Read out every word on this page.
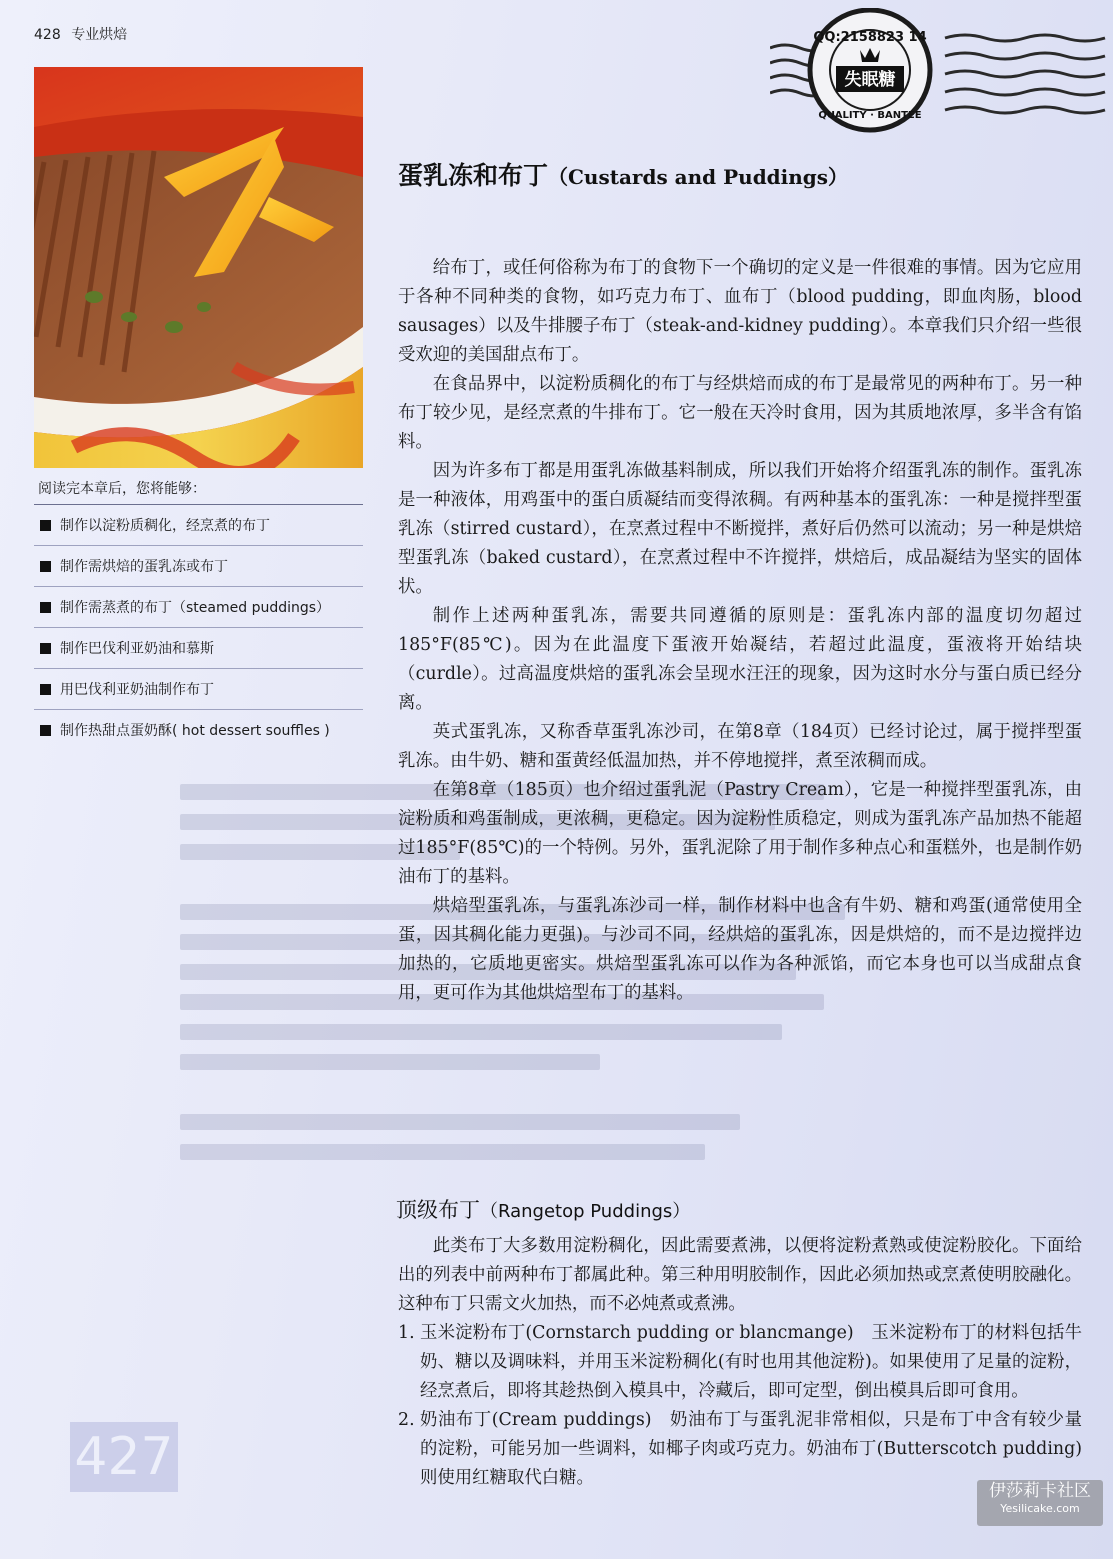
428 专业烘焙
427
阅读完本章后，您将能够：
制作以淀粉质稠化，经烹煮的布丁
制作需烘焙的蛋乳冻或布丁
制作需蒸煮的布丁（steamed puddings）
制作巴伐利亚奶油和慕斯
用巴伐利亚奶油制作布丁
制作热甜点蛋奶酥( hot dessert souffles )
QQ:2158823 14
失眠糖
QUALITY · BANTEE
蛋乳冻和布丁（Custards and Puddings）

给布丁，或任何俗称为布丁的食物下一个确切的定义是一件很难的事情。因为它应用于各种不同种类的食物，如巧克力布丁、血布丁（blood pudding，即血肉肠，blood sausages）以及牛排腰子布丁（steak-and-kidney pudding）。本章我们只介绍一些很受欢迎的美国甜点布丁。

在食品界中，以淀粉质稠化的布丁与经烘焙而成的布丁是最常见的两种布丁。另一种布丁较少见，是经烹煮的牛排布丁。它一般在天冷时食用，因为其质地浓厚，多半含有馅料。

因为许多布丁都是用蛋乳冻做基料制成，所以我们开始将介绍蛋乳冻的制作。蛋乳冻是一种液体，用鸡蛋中的蛋白质凝结而变得浓稠。有两种基本的蛋乳冻：一种是搅拌型蛋乳冻（stirred custard），在烹煮过程中不断搅拌，煮好后仍然可以流动；另一种是烘焙型蛋乳冻（baked custard），在烹煮过程中不许搅拌，烘焙后，成品凝结为坚实的固体状。

制作上述两种蛋乳冻，需要共同遵循的原则是：蛋乳冻内部的温度切勿超过185°F(85℃)。因为在此温度下蛋液开始凝结，若超过此温度，蛋液将开始结块（curdle）。过高温度烘焙的蛋乳冻会呈现水汪汪的现象，因为这时水分与蛋白质已经分离。

英式蛋乳冻，又称香草蛋乳冻沙司，在第8章（184页）已经讨论过，属于搅拌型蛋乳冻。由牛奶、糖和蛋黄经低温加热，并不停地搅拌，煮至浓稠而成。

在第8章（185页）也介绍过蛋乳泥（Pastry Cream），它是一种搅拌型蛋乳冻，由淀粉质和鸡蛋制成，更浓稠，更稳定。因为淀粉性质稳定，则成为蛋乳冻产品加热不能超过185°F(85℃)的一个特例。另外，蛋乳泥除了用于制作多种点心和蛋糕外，也是制作奶油布丁的基料。

烘焙型蛋乳冻，与蛋乳冻沙司一样，制作材料中也含有牛奶、糖和鸡蛋(通常使用全蛋，因其稠化能力更强)。与沙司不同，经烘焙的蛋乳冻，因是烘焙的，而不是边搅拌边加热的，它质地更密实。烘焙型蛋乳冻可以作为各种派馅，而它本身也可以当成甜点食用，更可作为其他烘焙型布丁的基料。

顶级布丁（Rangetop Puddings）

此类布丁大多数用淀粉稠化，因此需要煮沸，以便将淀粉煮熟或使淀粉胶化。下面给出的列表中前两种布丁都属此种。第三种用明胶制作，因此必须加热或烹煮使明胶融化。这种布丁只需文火加热，而不必炖煮或煮沸。

1. 玉米淀粉布丁(Cornstarch pudding or blancmange)　玉米淀粉布丁的材料包括牛奶、糖以及调味料，并用玉米淀粉稠化(有时也用其他淀粉)。如果使用了足量的淀粉，经烹煮后，即将其趁热倒入模具中，冷藏后，即可定型，倒出模具后即可食用。
2. 奶油布丁(Cream puddings)　奶油布丁与蛋乳泥非常相似，只是布丁中含有较少量的淀粉，可能另加一些调料，如椰子肉或巧克力。奶油布丁(Butterscotch pudding)则使用红糖取代白糖。
伊莎莉卡社区
Yesilicake.com
